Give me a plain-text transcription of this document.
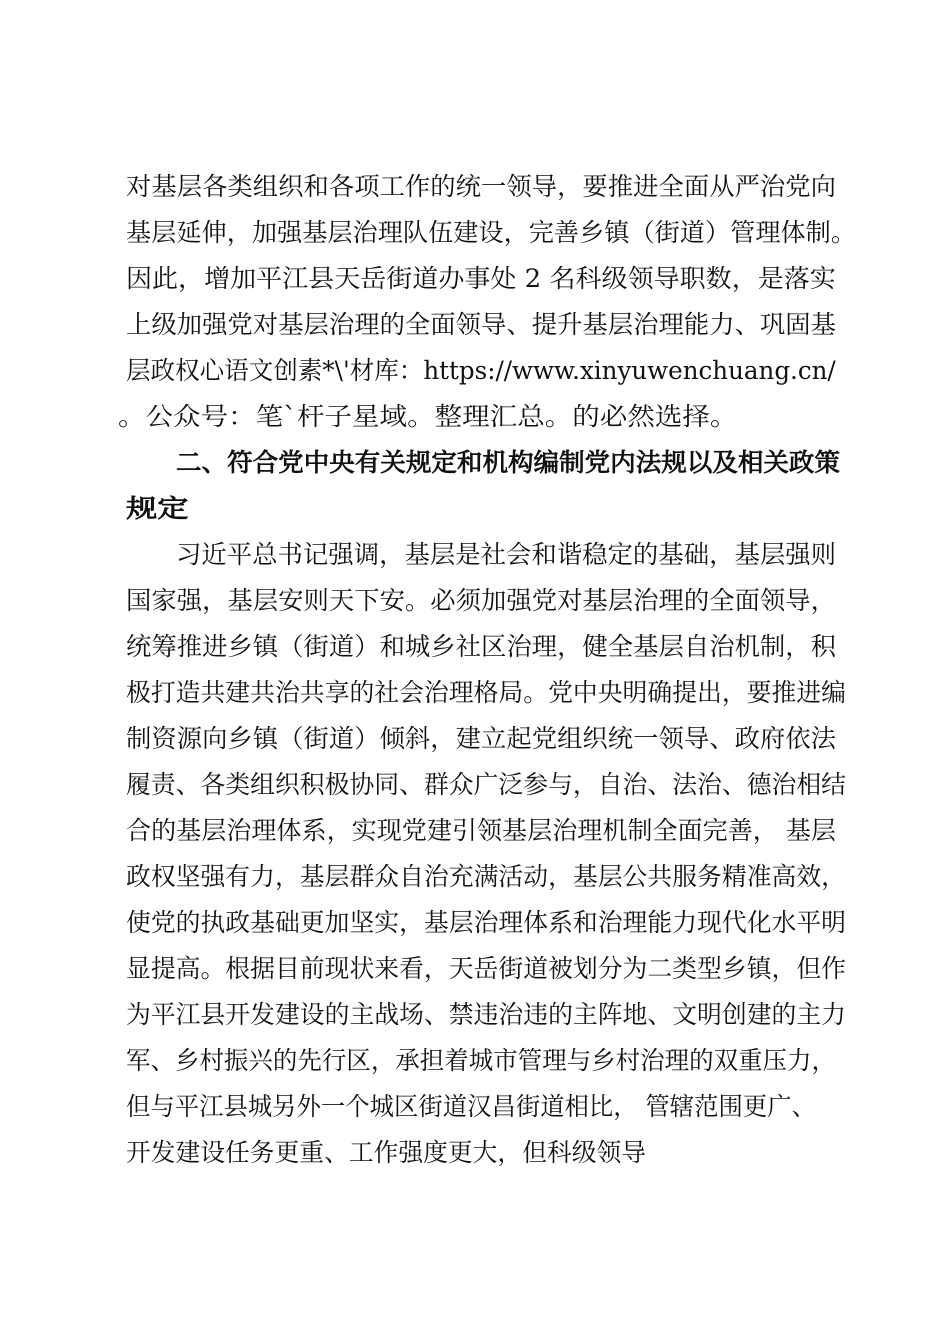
对基层各类组织和各项工作的统一领导，要推进全面从严治党向
基层延伸，加强基层治理队伍建设，完善乡镇（街道）管理体制。
因此，增加平江县天岳街道办事处 2 名科级领导职数，是落实
上级加强党对基层治理的全面领导、提升基层治理能力、巩固基
层政权心语文创素*\'材库：https://www.xinyuwenchuang.cn/
。公众号：笔`杆子星域。整理汇总。的必然选择。
二、符合党中央有关规定和机构编制党内法规以及相关政策
规定
习近平总书记强调，基层是社会和谐稳定的基础，基层强则
国家强，基层安则天下安。必须加强党对基层治理的全面领导，
统筹推进乡镇（街道）和城乡社区治理，健全基层自治机制，积
极打造共建共治共享的社会治理格局。党中央明确提出，要推进编
制资源向乡镇（街道）倾斜，建立起党组织统一领导、政府依法
履责、各类组织积极协同、群众广泛参与，自治、法治、德治相结
合的基层治理体系，实现党建引领基层治理机制全面完善， 基层
政权坚强有力，基层群众自治充满活动，基层公共服务精准高效，
使党的执政基础更加坚实，基层治理体系和治理能力现代化水平明
显提高。根据目前现状来看，天岳街道被划分为二类型乡镇，但作
为平江县开发建设的主战场、禁违治违的主阵地、文明创建的主力
军、乡村振兴的先行区，承担着城市管理与乡村治理的双重压力，
但与平江县城另外一个城区街道汉昌街道相比， 管辖范围更广、
开发建设任务更重、工作强度更大，但科级领导
